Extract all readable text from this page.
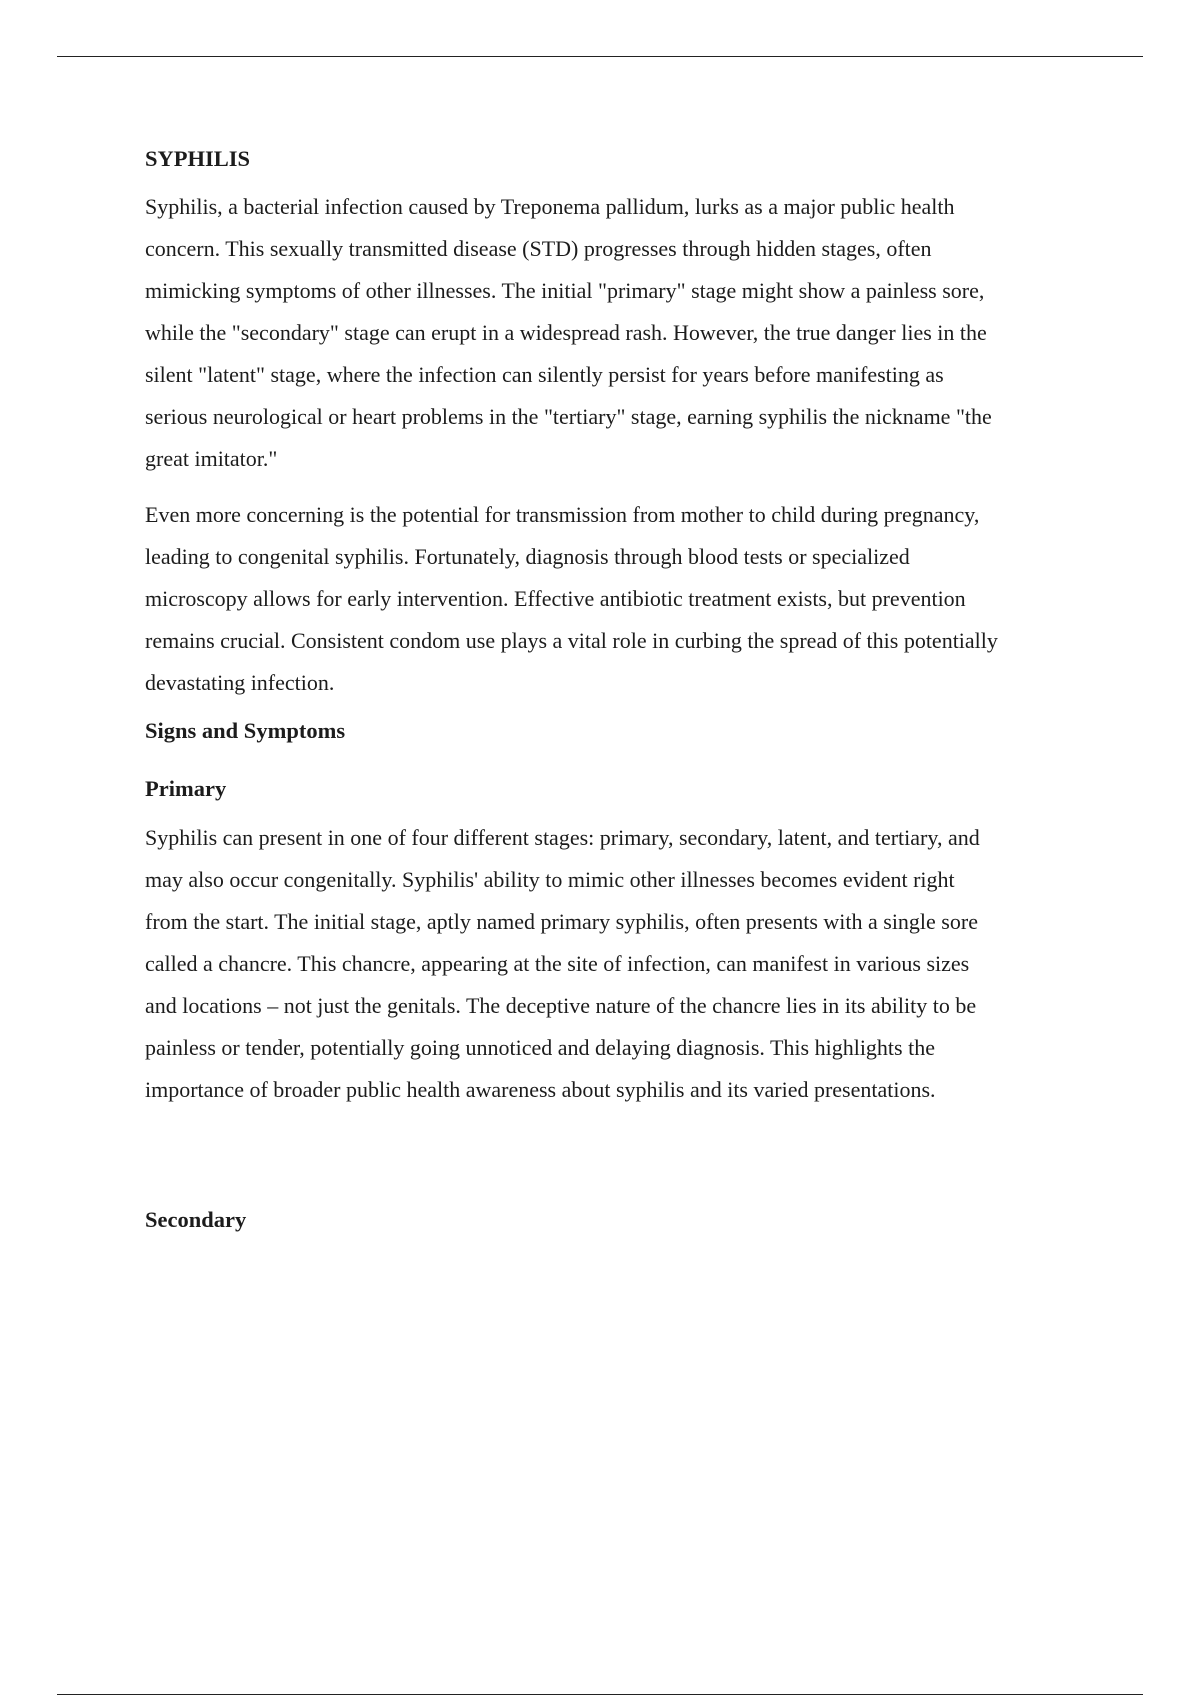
SYPHILIS
Syphilis, a bacterial infection caused by Treponema pallidum, lurks as a major public health
concern. This sexually transmitted disease (STD) progresses through hidden stages, often
mimicking symptoms of other illnesses. The initial "primary" stage might show a painless sore,
while the "secondary" stage can erupt in a widespread rash. However, the true danger lies in the
silent "latent" stage, where the infection can silently persist for years before manifesting as
serious neurological or heart problems in the "tertiary" stage, earning syphilis the nickname "the
great imitator."
Even more concerning is the potential for transmission from mother to child during pregnancy,
leading to congenital syphilis. Fortunately, diagnosis through blood tests or specialized
microscopy allows for early intervention. Effective antibiotic treatment exists, but prevention
remains crucial. Consistent condom use plays a vital role in curbing the spread of this potentially
devastating infection.
Signs and Symptoms
Primary
Syphilis can present in one of four different stages: primary, secondary, latent, and tertiary, and
may also occur congenitally. Syphilis' ability to mimic other illnesses becomes evident right
from the start. The initial stage, aptly named primary syphilis, often presents with a single sore
called a chancre. This chancre, appearing at the site of infection, can manifest in various sizes
and locations – not just the genitals. The deceptive nature of the chancre lies in its ability to be
painless or tender, potentially going unnoticed and delaying diagnosis. This highlights the
importance of broader public health awareness about syphilis and its varied presentations.
Secondary
